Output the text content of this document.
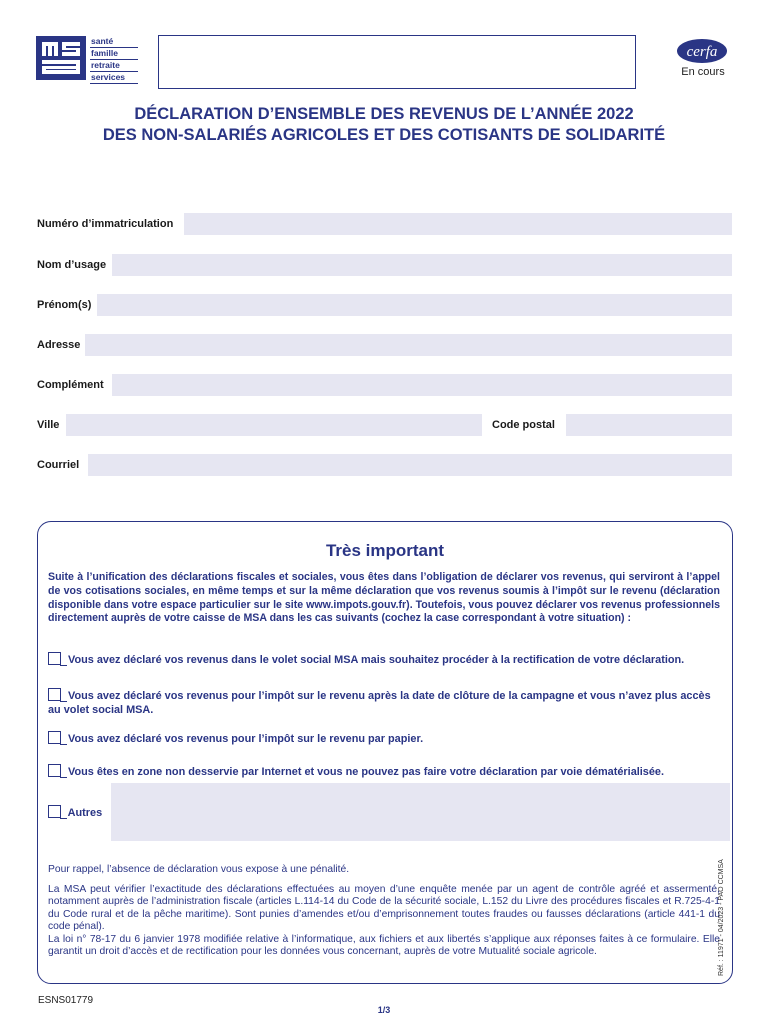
santé
famille
retraite
services
cerfa
En cours
DÉCLARATION D’ENSEMBLE DES REVENUS DE L’ANNÉE 2022
DES NON-SALARIÉS AGRICOLES ET DES COTISANTS DE SOLIDARITÉ
Numéro d’immatriculation
Nom d’usage
Prénom(s)
Adresse
Complément
Ville	Code postal
Courriel
Très important
Suite à l’unification des déclarations fiscales et sociales, vous êtes dans l’obligation de déclarer vos revenus, qui serviront à l’appel de vos cotisations sociales, en même temps et sur la même déclaration que vos revenus soumis à l’impôt sur le revenu (déclaration disponible dans votre espace particulier sur le site www.impots.gouv.fr). Toutefois, vous pouvez déclarer vos revenus professionnels directement auprès de votre caisse de MSA dans les cas suivants (cochez la case correspondant à votre situation) :
Vous avez déclaré vos revenus dans le volet social MSA mais souhaitez procéder à la rectification de votre déclaration.
Vous avez déclaré vos revenus pour l’impôt sur le revenu après la date de clôture de la campagne et vous n’avez plus accès au volet social MSA.
Vous avez déclaré vos revenus pour l’impôt sur le revenu par papier.
Vous êtes en zone non desservie par Internet et vous ne pouvez pas faire votre déclaration par voie dématérialisée.
Autres
Pour rappel, l’absence de déclaration vous expose à une pénalité.
La MSA peut vérifier l’exactitude des déclarations effectuées au moyen d’une enquête menée par un agent de contrôle agréé et assermenté, notamment auprès de l’administration fiscale (articles L.114-14 du Code de la sécurité sociale, L.152 du Livre des procédures fiscales et R.725-4-1 du Code rural et de la pêche maritime). Sont punies d’amendes et/ou d’emprisonnement toutes fraudes ou fausses déclarations (article 441-1 du code pénal).
La loi n° 78-17 du 6 janvier 1978 modifiée relative à l’informatique, aux fichiers et aux libertés s’applique aux réponses faites à ce formulaire. Elle garantit un droit d’accès et de rectification pour les données vous concernant, auprès de votre Mutualité sociale agricole.	Réf. : 11971 - 04/2023 - PAO CCMSA
ESNS01779
1/3
